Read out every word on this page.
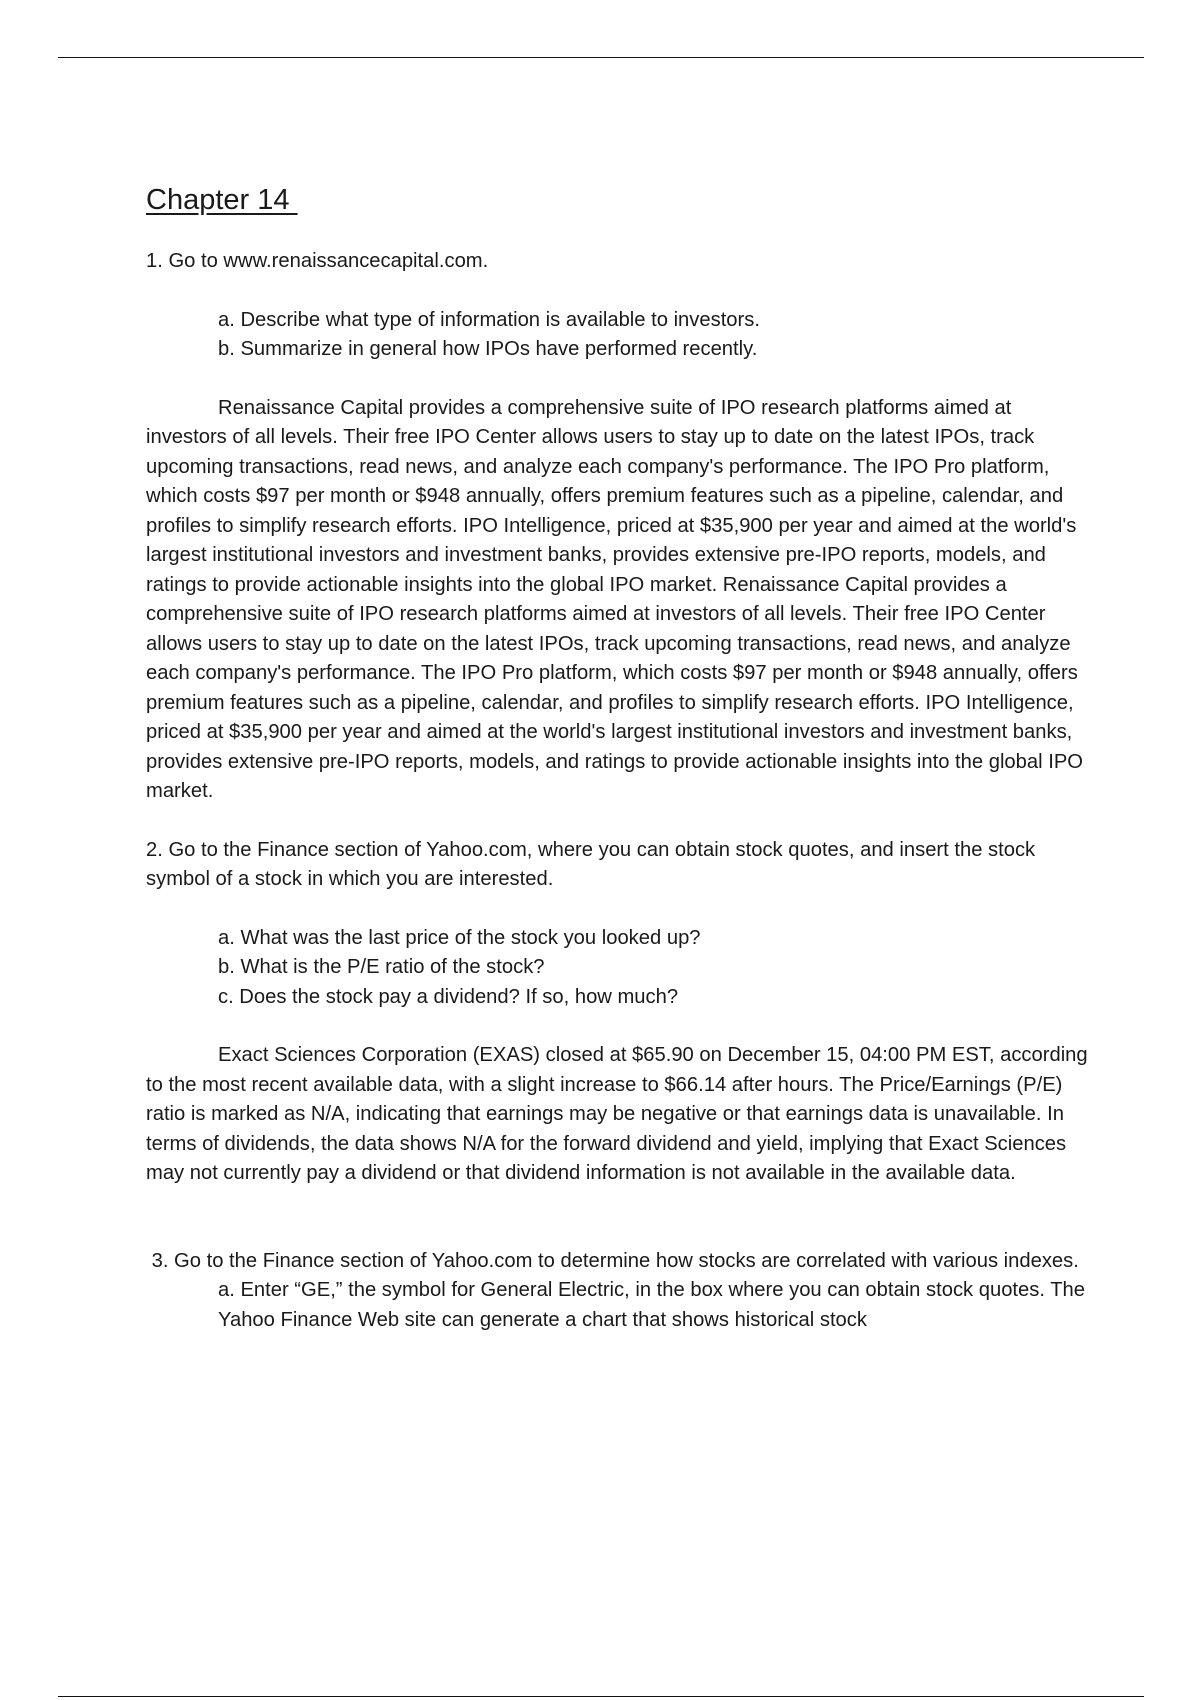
Chapter 14

1. Go to www.renaissancecapital.com.

a. Describe what type of information is available to investors.
b. Summarize in general how IPOs have performed recently.

Renaissance Capital provides a comprehensive suite of IPO research platforms aimed at investors of all levels. Their free IPO Center allows users to stay up to date on the latest IPOs, track upcoming transactions, read news, and analyze each company's performance. The IPO Pro platform, which costs $97 per month or $948 annually, offers premium features such as a pipeline, calendar, and profiles to simplify research efforts. IPO Intelligence, priced at $35,900 per year and aimed at the world's largest institutional investors and investment banks, provides extensive pre-IPO reports, models, and ratings to provide actionable insights into the global IPO market. Renaissance Capital provides a comprehensive suite of IPO research platforms aimed at investors of all levels. Their free IPO Center allows users to stay up to date on the latest IPOs, track upcoming transactions, read news, and analyze each company's performance. The IPO Pro platform, which costs $97 per month or $948 annually, offers premium features such as a pipeline, calendar, and profiles to simplify research efforts. IPO Intelligence, priced at $35,900 per year and aimed at the world's largest institutional investors and investment banks, provides extensive pre-IPO reports, models, and ratings to provide actionable insights into the global IPO market.

2. Go to the Finance section of Yahoo.com, where you can obtain stock quotes, and insert the stock symbol of a stock in which you are interested.

a. What was the last price of the stock you looked up?
b. What is the P/E ratio of the stock?
c. Does the stock pay a dividend? If so, how much?

Exact Sciences Corporation (EXAS) closed at $65.90 on December 15, 04:00 PM EST, according to the most recent available data, with a slight increase to $66.14 after hours. The Price/Earnings (P/E) ratio is marked as N/A, indicating that earnings may be negative or that earnings data is unavailable. In terms of dividends, the data shows N/A for the forward dividend and yield, implying that Exact Sciences may not currently pay a dividend or that dividend information is not available in the available data.

3. Go to the Finance section of Yahoo.com to determine how stocks are correlated with various indexes.

a. Enter “GE,” the symbol for General Electric, in the box where you can obtain stock quotes. The Yahoo Finance Web site can generate a chart that shows historical stock
